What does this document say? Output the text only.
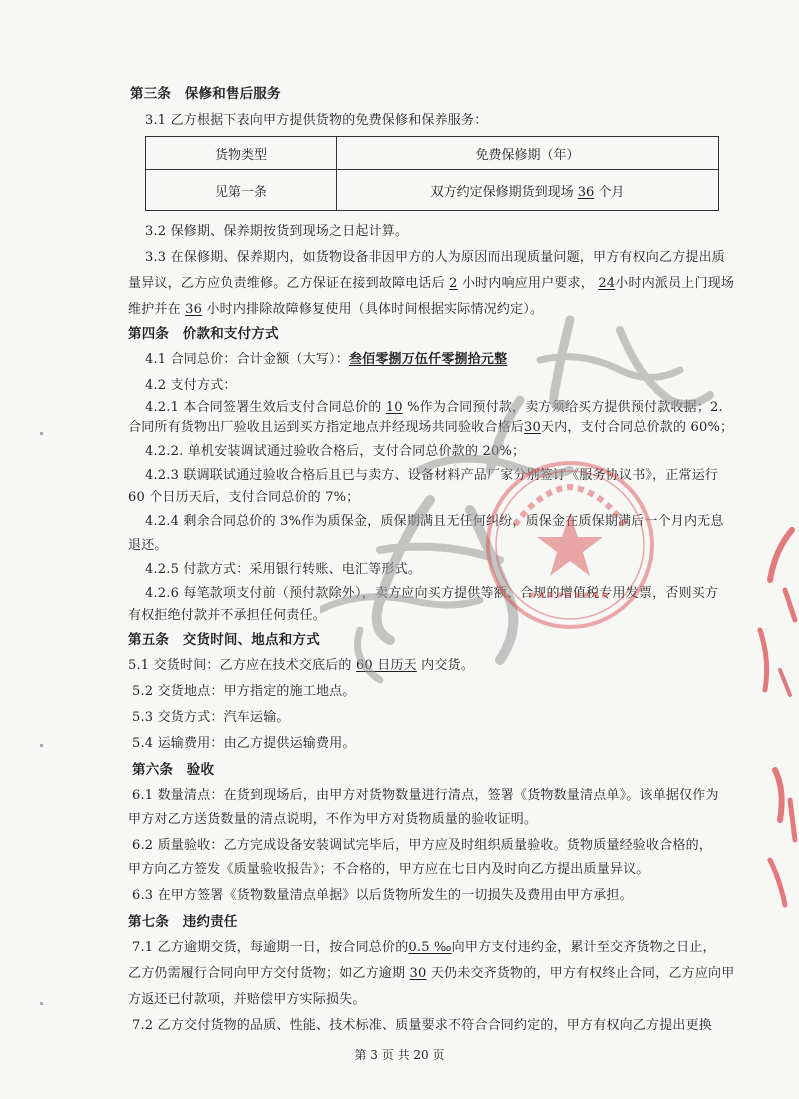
第三条　保修和售后服务
3.1 乙方根据下表向甲方提供货物的免费保修和保养服务：
货物类型	免费保修期（年）
见第一条	双方约定保修期货到现场 36 个月
3.2 保修期、保养期按货到现场之日起计算。
3.3 在保修期、保养期内，如货物设备非因甲方的人为原因而出现质量问题，甲方有权向乙方提出质
量异议，乙方应负责维修。乙方保证在接到故障电话后 2 小时内响应用户要求， 24小时内派员上门现场
维护并在 36 小时内排除故障修复使用（具体时间根据实际情况约定）。
第四条　价款和支付方式
4.1 合同总价：合计金额（大写）：叁佰零捌万伍仟零捌拾元整
4.2 支付方式：
4.2.1 本合同签署生效后支付合同总价的 10 %作为合同预付款，卖方须给买方提供预付款收据；2.
合同所有货物出厂验收且运到买方指定地点并经现场共同验收合格后30天内，支付合同总价款的 60%；
4.2.2. 单机安装调试通过验收合格后，支付合同总价款的 20%；
4.2.3 联调联试通过验收合格后且已与卖方、设备材料产品厂家分别签订《服务协议书》，正常运行
60 个日历天后，支付合同总价的 7%；
4.2.4 剩余合同总价的 3%作为质保金，质保期满且无任何纠纷，质保金在质保期满后一个月内无息
退还。
4.2.5 付款方式：采用银行转账、电汇等形式。
4.2.6 每笔款项支付前（预付款除外），卖方应向买方提供等额、合规的增值税专用发票，否则买方
有权拒绝付款并不承担任何责任。
第五条　交货时间、地点和方式
5.1 交货时间：乙方应在技术交底后的 60 日历天 内交货。
5.2 交货地点：甲方指定的施工地点。
5.3 交货方式：汽车运输。
5.4 运输费用：由乙方提供运输费用。
第六条　验收
6.1 数量清点：在货到现场后，由甲方对货物数量进行清点，签署《货物数量清点单》。该单据仅作为
甲方对乙方送货数量的清点说明，不作为甲方对货物质量的验收证明。
6.2 质量验收：乙方完成设备安装调试完毕后，甲方应及时组织质量验收。货物质量经验收合格的，
甲方向乙方签发《质量验收报告》；不合格的，甲方应在七日内及时向乙方提出质量异议。
6.3 在甲方签署《货物数量清点单据》以后货物所发生的一切损失及费用由甲方承担。
第七条　违约责任
7.1 乙方逾期交货，每逾期一日，按合同总价的0.5 ‰向甲方支付违约金，累计至交齐货物之日止，
乙方仍需履行合同向甲方交付货物；如乙方逾期 30 天仍未交齐货物的，甲方有权终止合同，乙方应向甲
方返还已付款项，并赔偿甲方实际损失。
7.2 乙方交付货物的品质、性能、技术标准、质量要求不符合合同约定的，甲方有权向乙方提出更换
第 3 页 共 20 页
